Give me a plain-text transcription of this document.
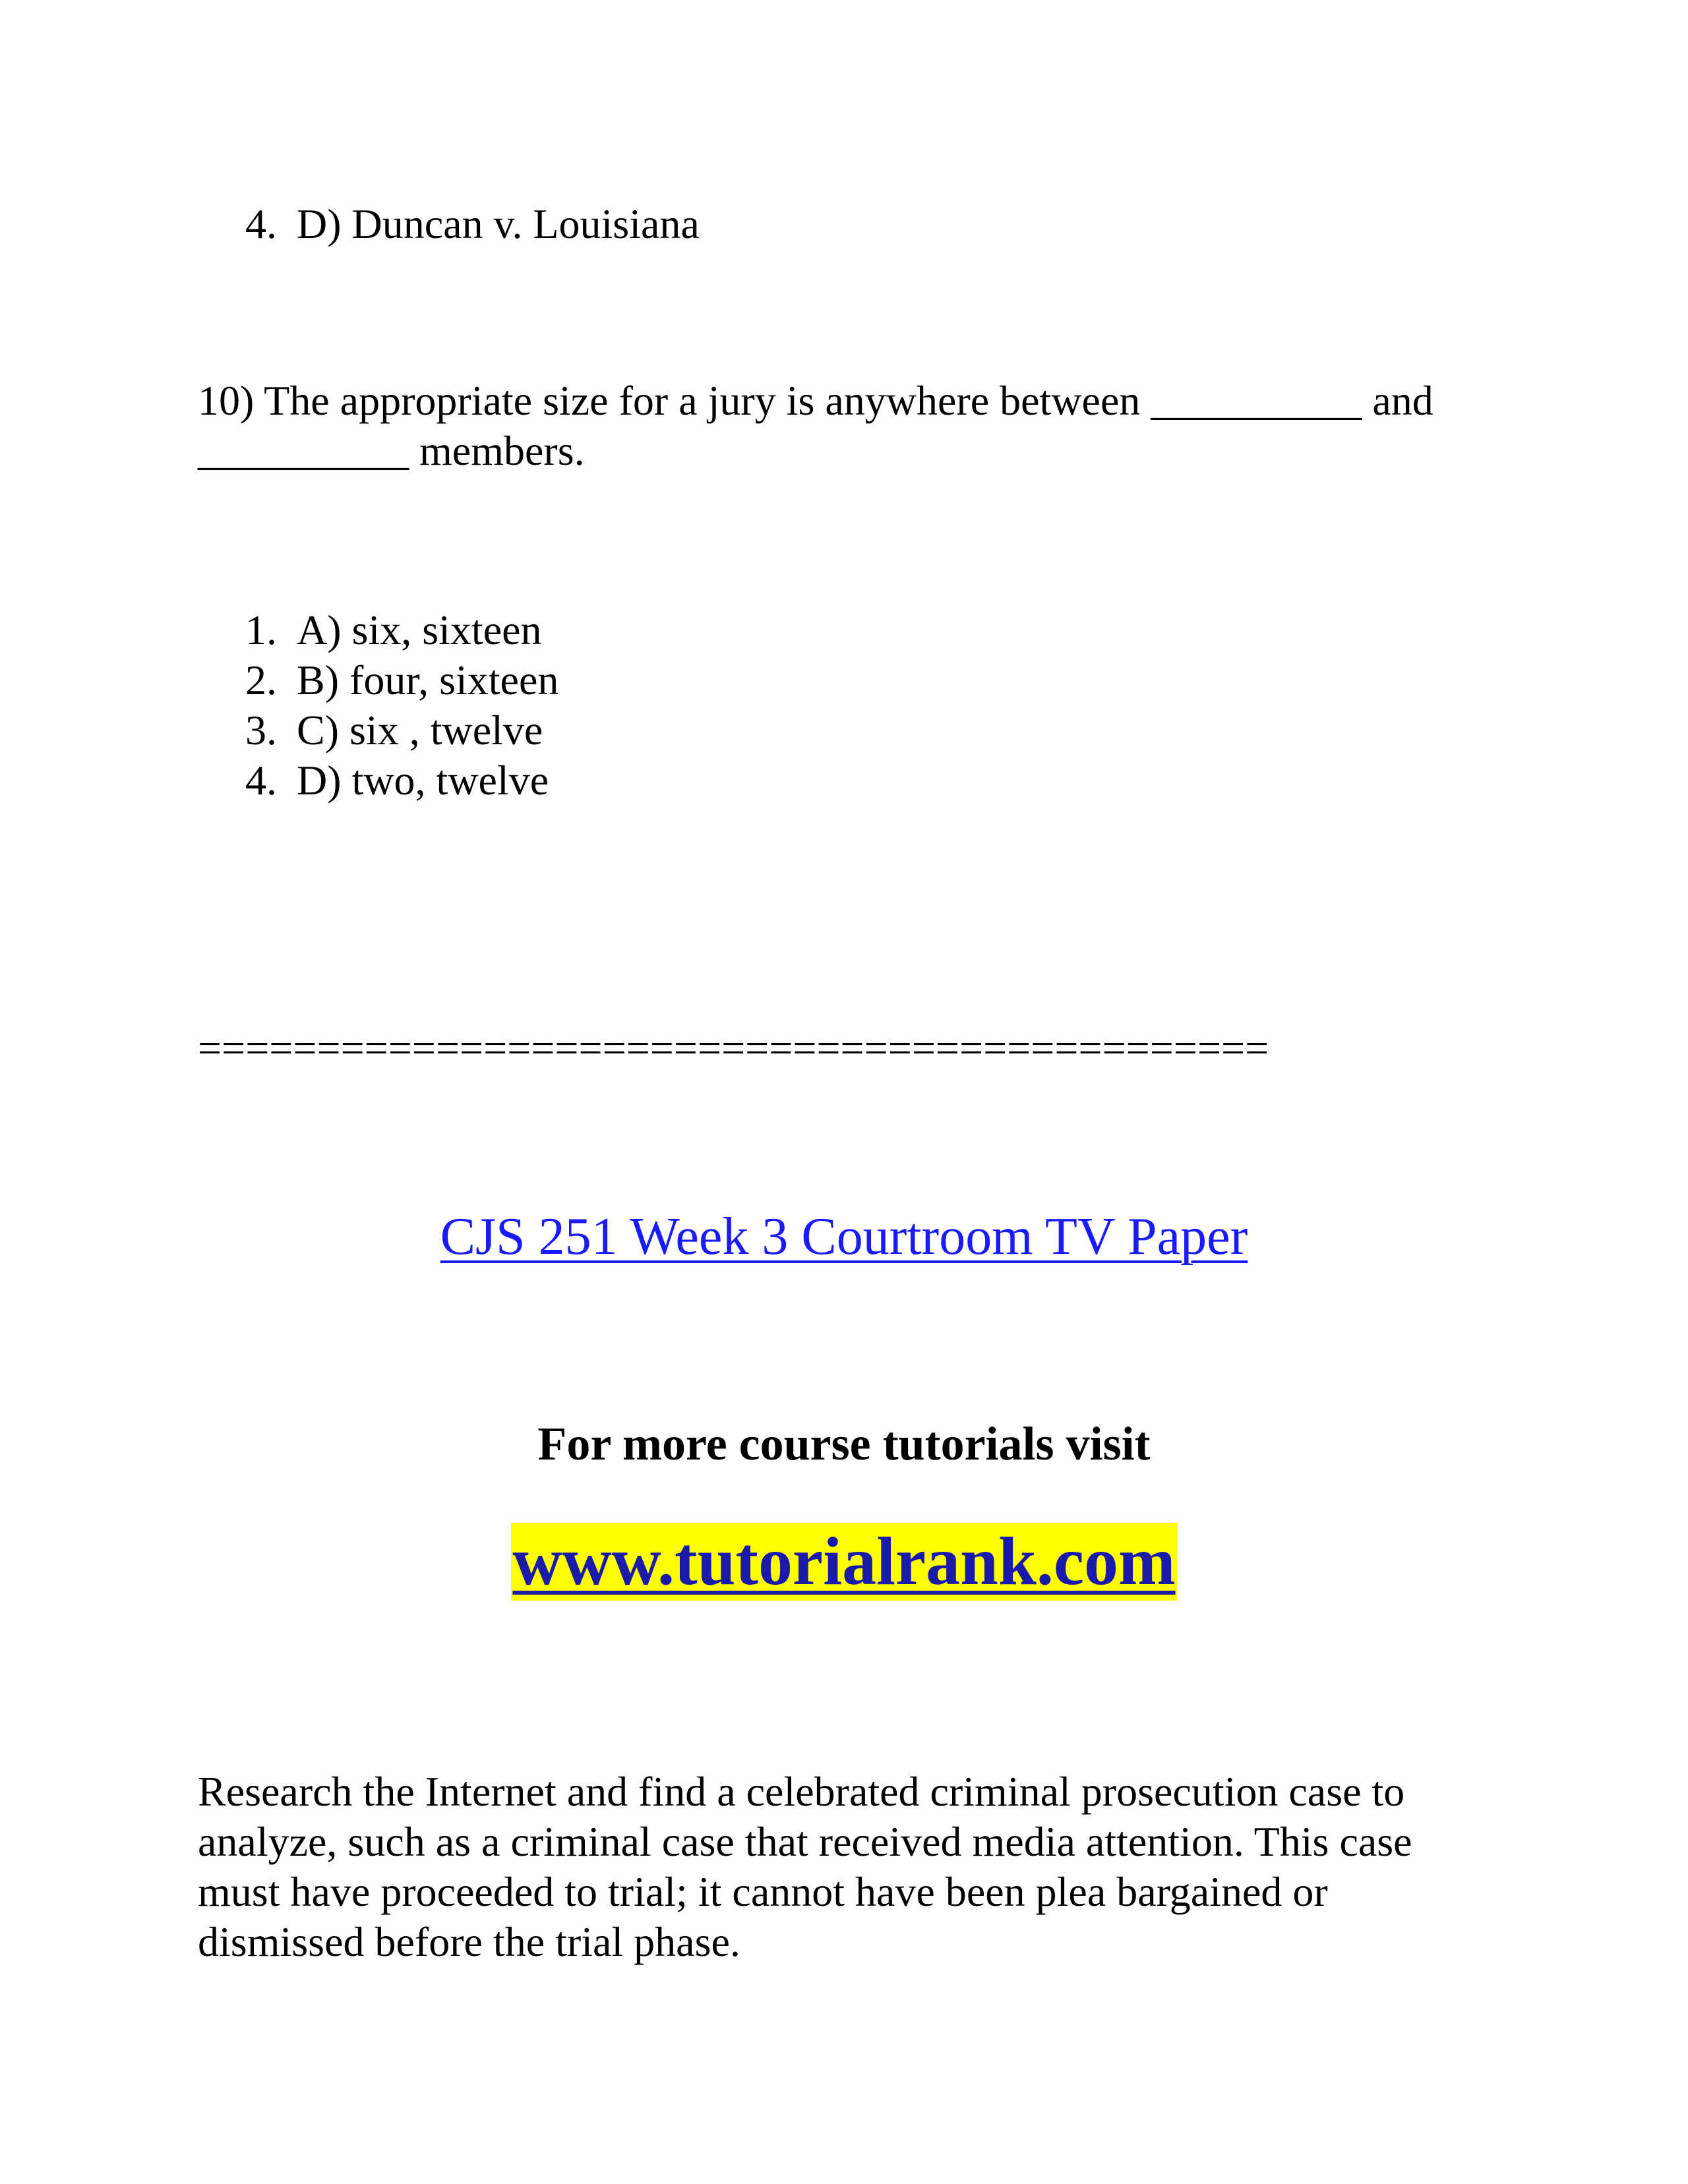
4. D) Duncan v. Louisiana
10) The appropriate size for a jury is anywhere between __________ and __________ members.
1. A) six, sixteen
2. B) four, sixteen
3. C) six , twelve
4. D) two, twelve
=============================================
CJS 251 Week 3 Courtroom TV Paper
For more course tutorials visit
www.tutorialrank.com
Research the Internet and find a celebrated criminal prosecution case to analyze, such as a criminal case that received media attention. This case must have proceeded to trial; it cannot have been plea bargained or dismissed before the trial phase.
